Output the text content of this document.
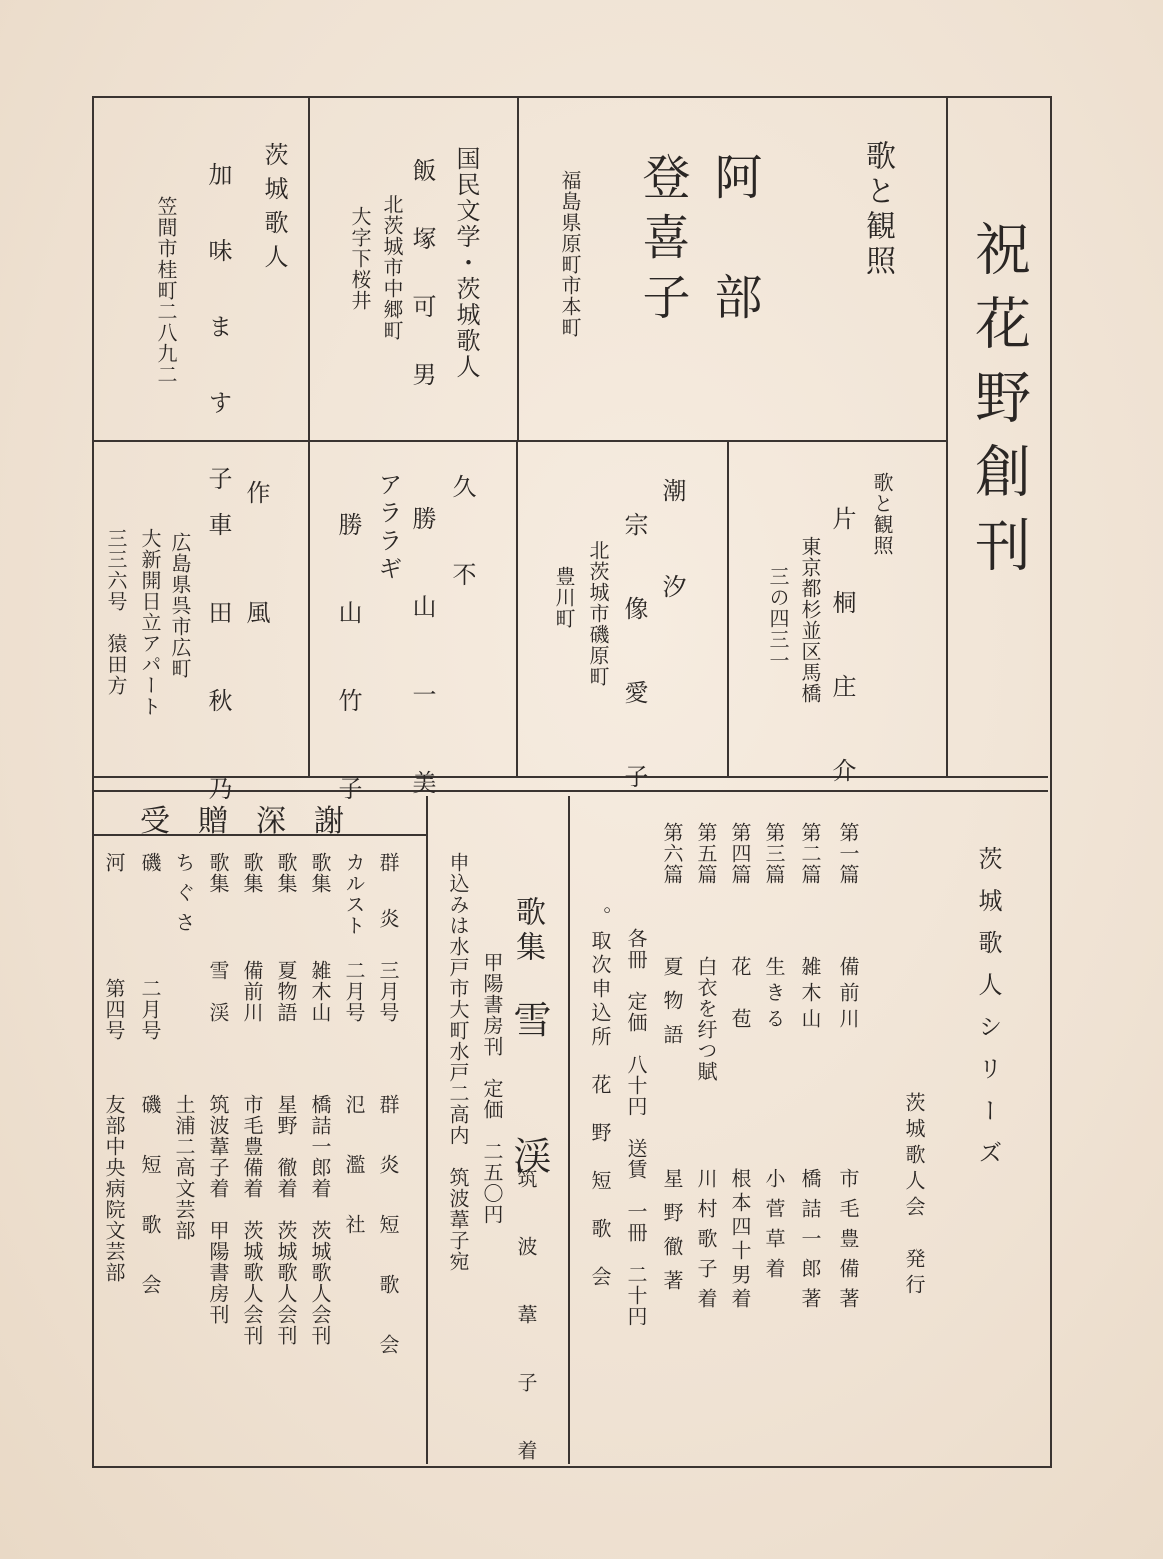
祝花野創刊
歌と観照
阿　部
登喜子
福島県原町市本町
国民文学・茨城歌人
飯　塚　可　男
北茨城市中郷町
大字下桜井
茨城歌人
加　味　ま　す　子
笠間市桂町二八九二
歌と観照
片　桐　庄　介
東京都杉並区馬橋
三の四三一
潮　汐
宗　像　愛　子
北茨城市磯原町
豊川町
久　不
勝　山　一　美
アララギ
勝　山　竹　子
作　風
車　田　秋　乃
広島県呉市広町
大新開日立アパート
三三六号　猿田方
茨城歌人シリーズ
茨城歌人会　発行
第一篇
備前川
市毛豊備著
第二篇
雑木山
橋詰一郎著
第三篇
生きる
小菅草着
第四篇
花　苞
根本四十男着
第五篇
白衣を纡つ賦
川村歌子着
第六篇
夏物語
星野徹著
各冊　定価　八十円　送賃　一冊　二十円
。取次申込所　花　野　短　歌　会
歌集
雪　渓
筑　波　葦　子　着
甲陽書房刊　定価　二五〇円
申込みは水戸市大町水戸二高内　筑波葦子宛
受贈深謝
群　炎
三月号
群　炎　短　歌　会
カルスト
二月号
氾　濫　社
歌集
雑木山
橋詰一郎着　茨城歌人会刊
歌集
夏物語
星野　徹着　茨城歌人会刊
歌集
備前川
市毛豊備着　茨城歌人会刊
歌集
雪　渓
筑波葦子着　甲陽書房刊
ちぐさ
土浦二高文芸部
磯
二月号
磯　短　歌　会
河
第四号
友部中央病院文芸部
